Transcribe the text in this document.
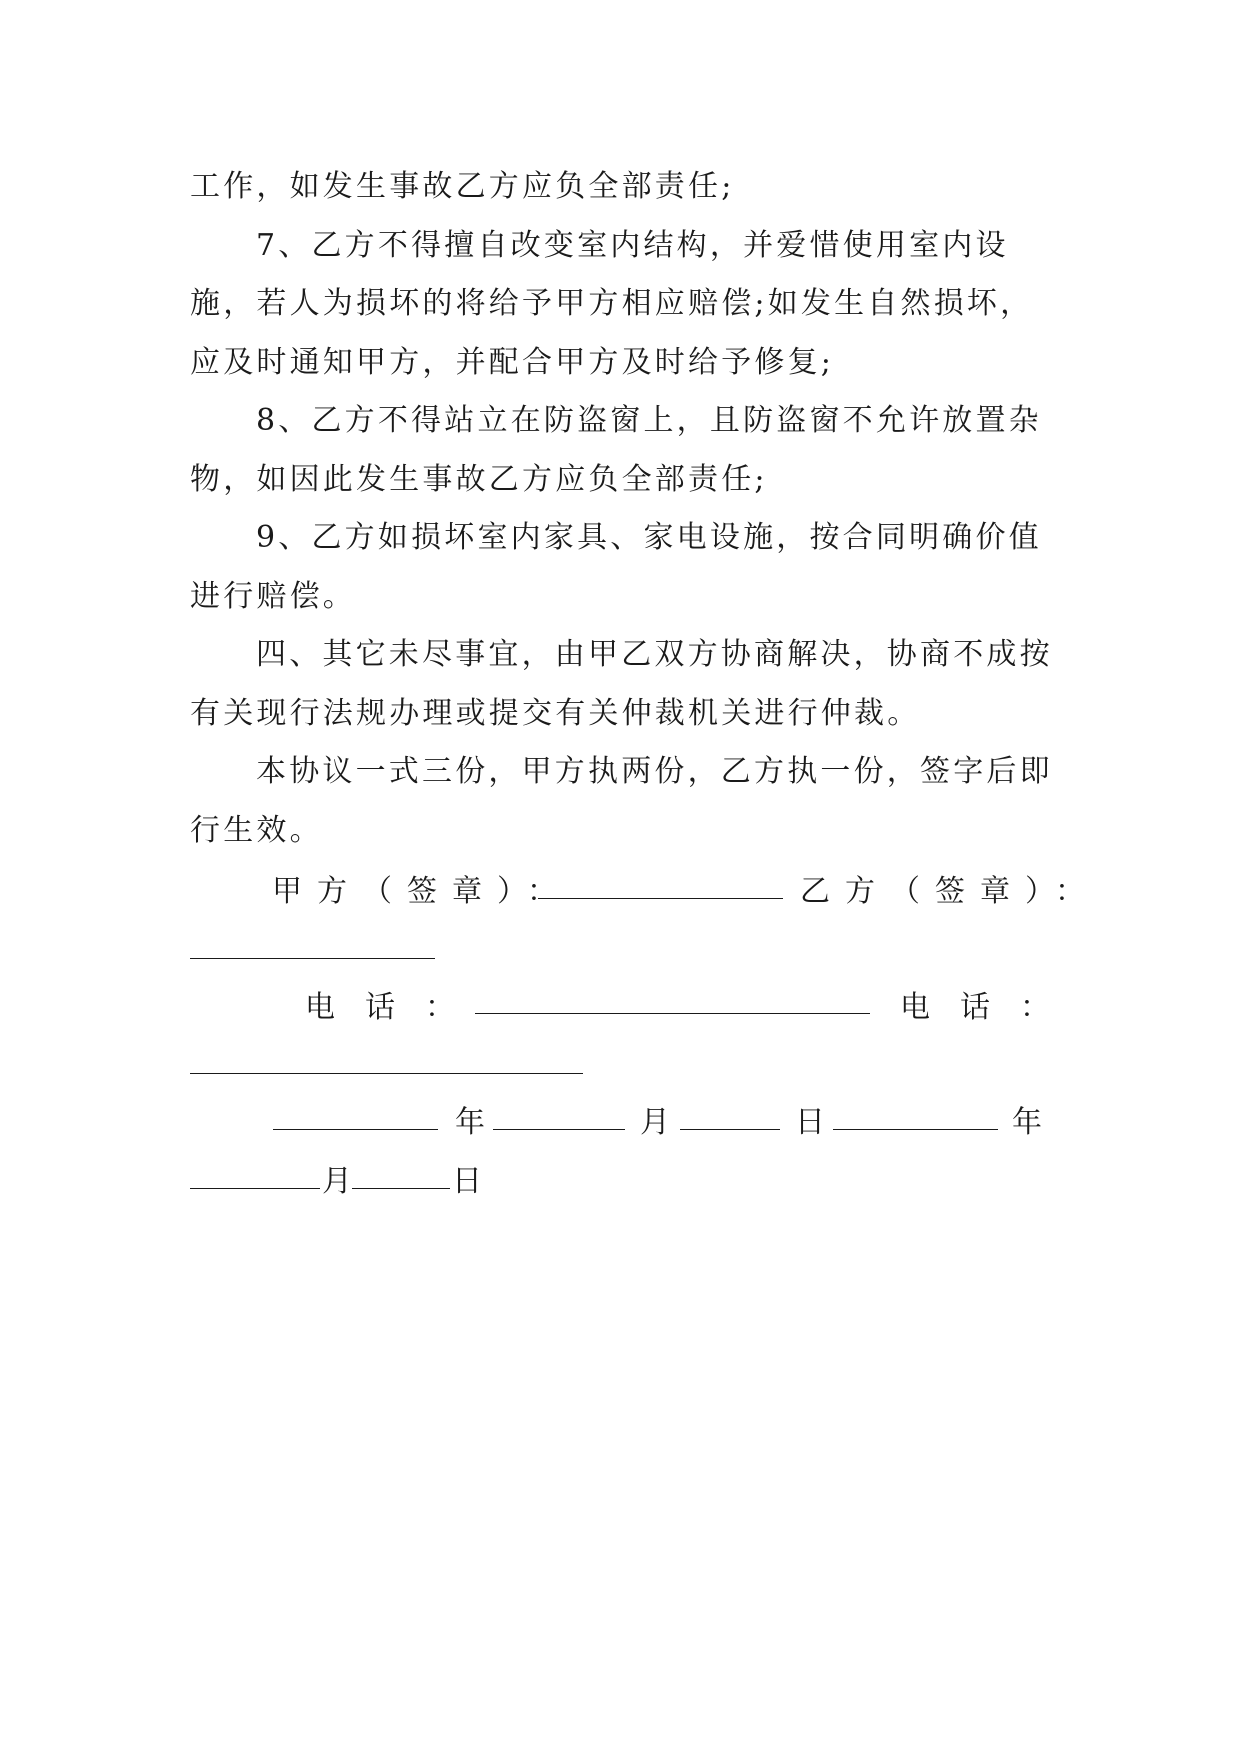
工作，如发生事故乙方应负全部责任;

7、乙方不得擅自改变室内结构，并爱惜使用室内设施，若人为损坏的将给予甲方相应赔偿;如发生自然损坏，应及时通知甲方，并配合甲方及时给予修复;

8、乙方不得站立在防盗窗上，且防盗窗不允许放置杂物，如因此发生事故乙方应负全部责任;

9、乙方如损坏室内家具、家电设施，按合同明确价值进行赔偿。

四、其它未尽事宜，由甲乙双方协商解决，协商不成按有关现行法规办理或提交有关仲裁机关进行仲裁。

本协议一式三份，甲方执两份，乙方执一份，签字后即行生效。

甲方（签章）：	乙方（签章）：
电话：	电话：
年	月	日	年
月	日
